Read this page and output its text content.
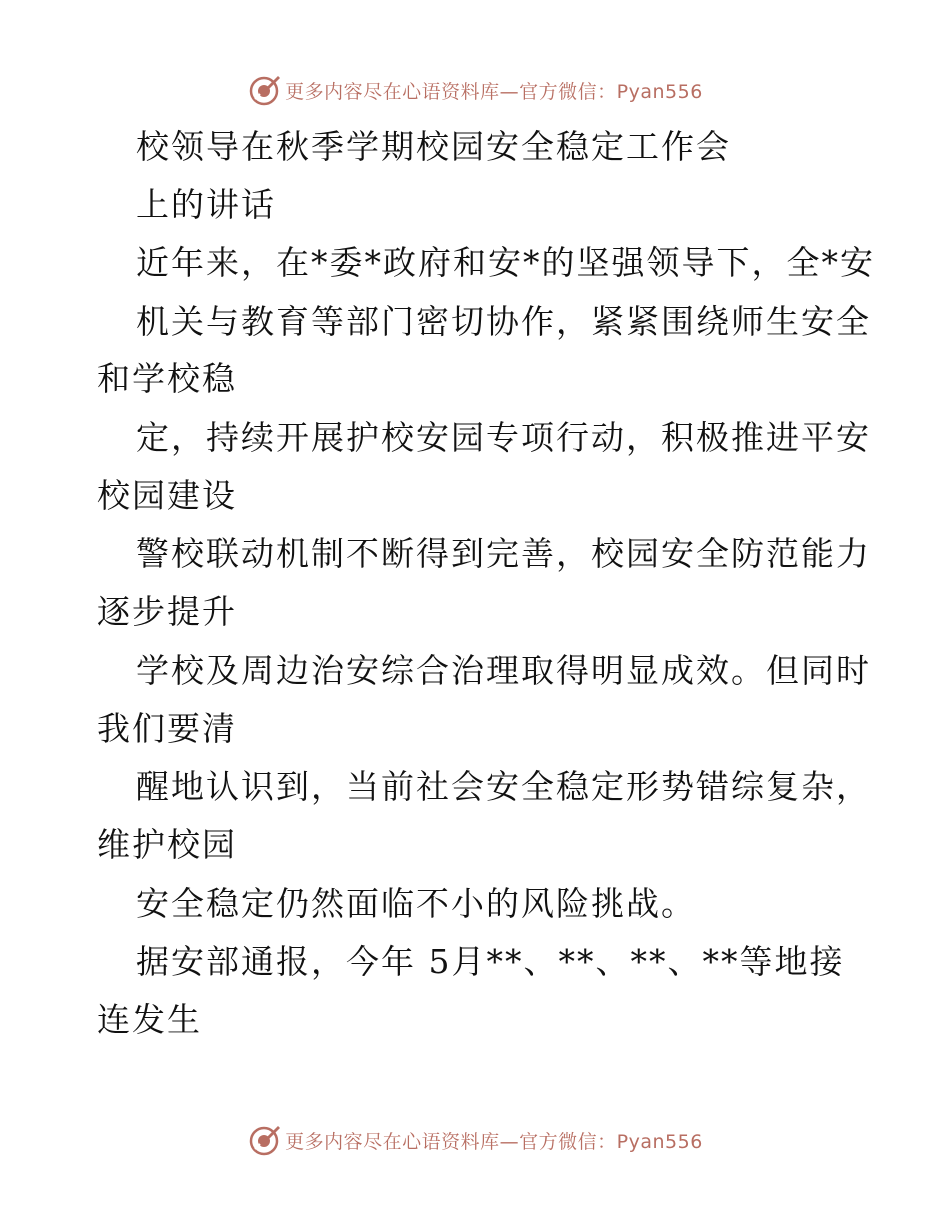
更多内容尽在心语资料库—官方微信：Pyan556
校领导在秋季学期校园安全稳定工作会
上的讲话
近年来，在*委*政府和安*的坚强领导下，全*安
机关与教育等部门密切协作，紧紧围绕师生安全
和学校稳
定，持续开展护校安园专项行动，积极推进平安
校园建设
警校联动机制不断得到完善，校园安全防范能力
逐步提升
学校及周边治安综合治理取得明显成效。但同时
我们要清
醒地认识到，当前社会安全稳定形势错综复杂，
维护校园
安全稳定仍然面临不小的风险挑战。
据安部通报，今年 5月**、**、**、**等地接
连发生
更多内容尽在心语资料库—官方微信：Pyan556
